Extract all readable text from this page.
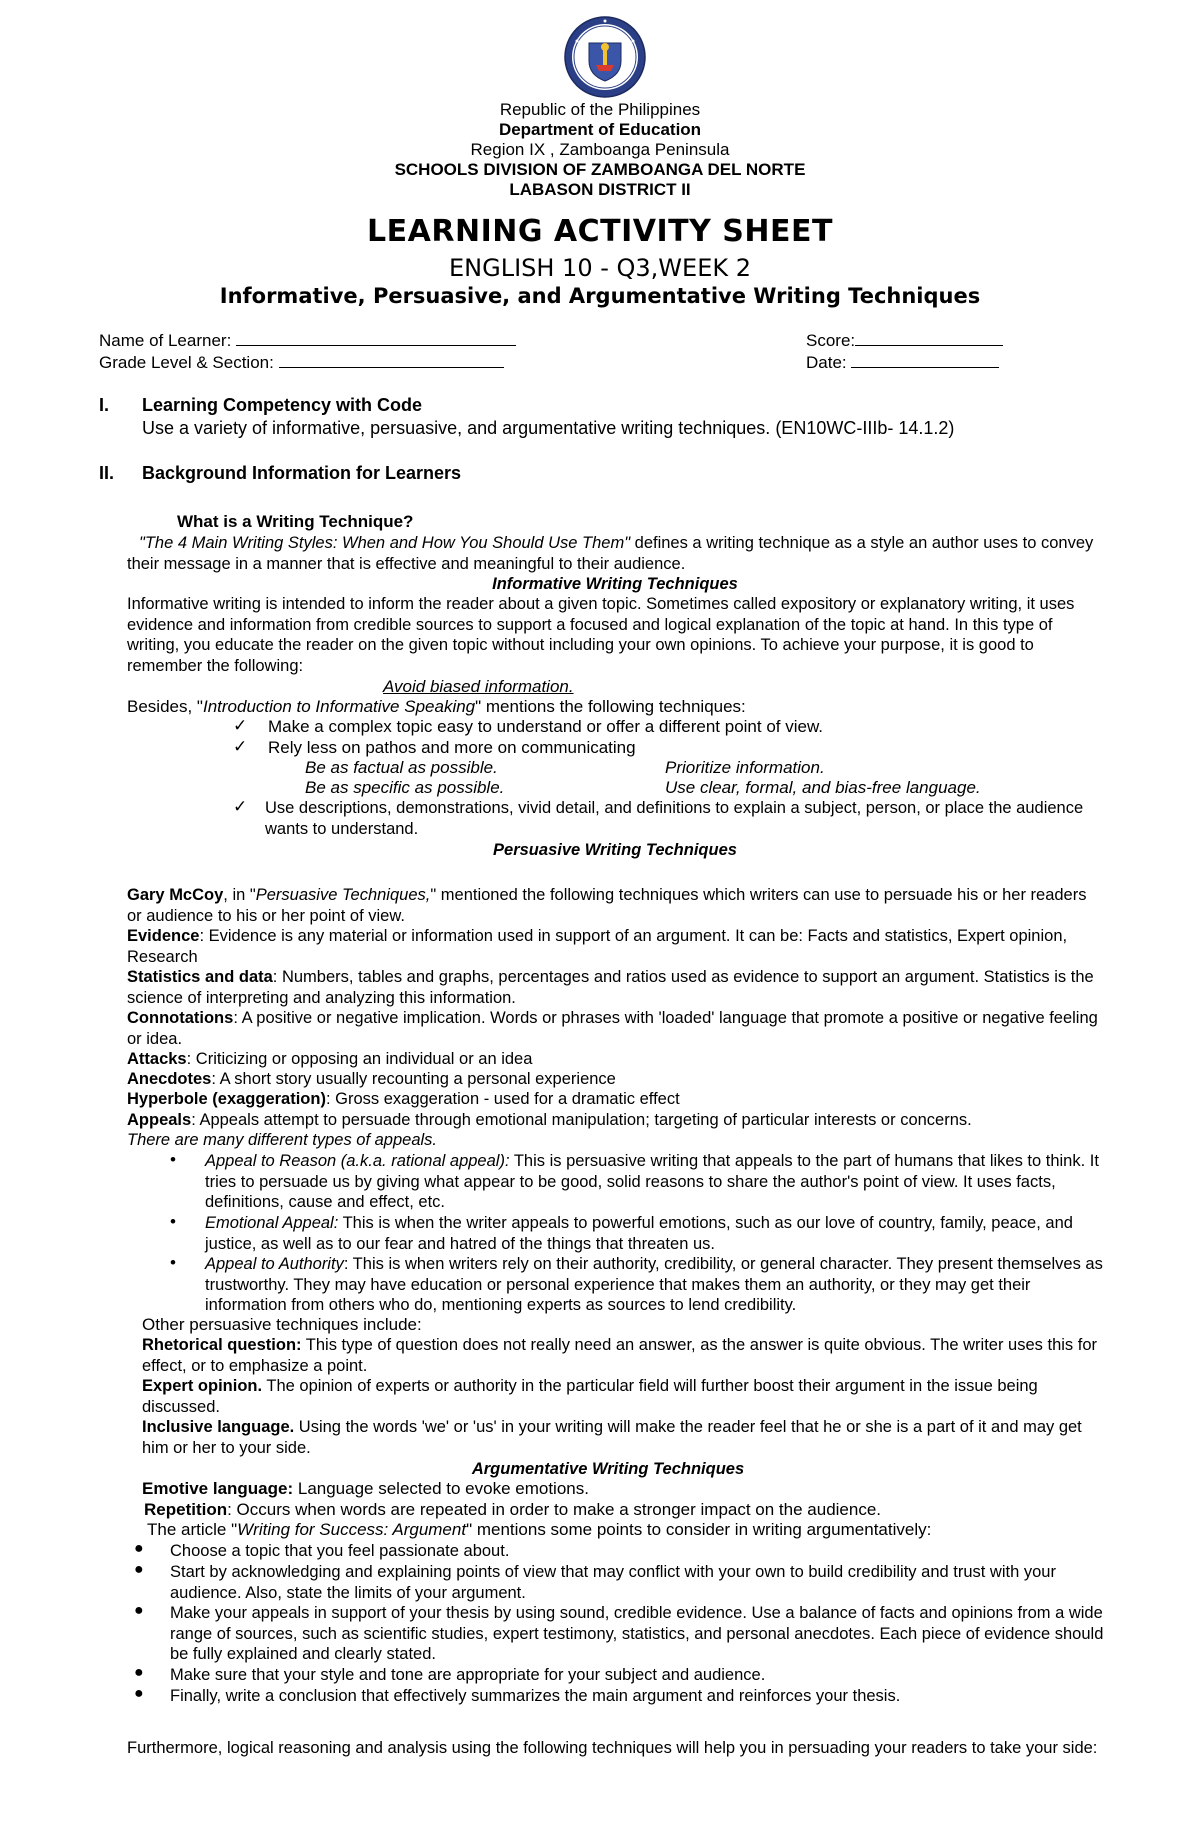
Republic of the Philippines
Department of Education
Region IX , Zamboanga Peninsula
SCHOOLS DIVISION OF ZAMBOANGA DEL NORTE
LABASON DISTRICT II
LEARNING ACTIVITY SHEET
ENGLISH 10 - Q3,WEEK 2
Informative, Persuasive, and Argumentative Writing Techniques
Name of Learner:
Grade Level & Section:
Score:
Date:
I. Learning Competency with Code
Use a variety of informative, persuasive, and argumentative writing techniques. (EN10WC-IIIb- 14.1.2)
II. Background Information for Learners
What is a Writing Technique?
"The 4 Main Writing Styles: When and How You Should Use Them" defines a writing technique as a style an author uses to convey their message in a manner that is effective and meaningful to their audience.
Informative Writing Techniques
Informative writing is intended to inform the reader about a given topic. Sometimes called expository or explanatory writing, it uses evidence and information from credible sources to support a focused and logical explanation of the topic at hand. In this type of writing, you educate the reader on the given topic without including your own opinions. To achieve your purpose, it is good to remember the following:
Avoid biased information.
Besides, "Introduction to Informative Speaking" mentions the following techniques:
✓ Make a complex topic easy to understand or offer a different point of view.
✓ Rely less on pathos and more on communicating
Be as factual as possible.	Prioritize information.
Be as specific as possible.	Use clear, formal, and bias-free language.
✓ Use descriptions, demonstrations, vivid detail, and definitions to explain a subject, person, or place the audience wants to understand.
Persuasive Writing Techniques
Gary McCoy, in "Persuasive Techniques," mentioned the following techniques which writers can use to persuade his or her readers or audience to his or her point of view.
Evidence: Evidence is any material or information used in support of an argument. It can be: Facts and statistics, Expert opinion, Research
Statistics and data: Numbers, tables and graphs, percentages and ratios used as evidence to support an argument. Statistics is the science of interpreting and analyzing this information.
Connotations: A positive or negative implication. Words or phrases with 'loaded' language that promote a positive or negative feeling or idea.
Attacks: Criticizing or opposing an individual or an idea
Anecdotes: A short story usually recounting a personal experience
Hyperbole (exaggeration): Gross exaggeration - used for a dramatic effect
Appeals: Appeals attempt to persuade through emotional manipulation; targeting of particular interests or concerns.
There are many different types of appeals.
• Appeal to Reason (a.k.a. rational appeal): This is persuasive writing that appeals to the part of humans that likes to think. It tries to persuade us by giving what appear to be good, solid reasons to share the author's point of view. It uses facts, definitions, cause and effect, etc.
• Emotional Appeal: This is when the writer appeals to powerful emotions, such as our love of country, family, peace, and justice, as well as to our fear and hatred of the things that threaten us.
• Appeal to Authority: This is when writers rely on their authority, credibility, or general character. They present themselves as trustworthy. They may have education or personal experience that makes them an authority, or they may get their information from others who do, mentioning experts as sources to lend credibility.
Other persuasive techniques include:
Rhetorical question: This type of question does not really need an answer, as the answer is quite obvious. The writer uses this for effect, or to emphasize a point.
Expert opinion. The opinion of experts or authority in the particular field will further boost their argument in the issue being discussed.
Inclusive language. Using the words 'we' or 'us' in your writing will make the reader feel that he or she is a part of it and may get him or her to your side.
Argumentative Writing Techniques
Emotive language: Language selected to evoke emotions.
Repetition: Occurs when words are repeated in order to make a stronger impact on the audience.
The article "Writing for Success: Argument" mentions some points to consider in writing argumentatively:
● Choose a topic that you feel passionate about.
● Start by acknowledging and explaining points of view that may conflict with your own to build credibility and trust with your audience. Also, state the limits of your argument.
● Make your appeals in support of your thesis by using sound, credible evidence. Use a balance of facts and opinions from a wide range of sources, such as scientific studies, expert testimony, statistics, and personal anecdotes. Each piece of evidence should be fully explained and clearly stated.
● Make sure that your style and tone are appropriate for your subject and audience.
● Finally, write a conclusion that effectively summarizes the main argument and reinforces your thesis.
Furthermore, logical reasoning and analysis using the following techniques will help you in persuading your readers to take your side:
